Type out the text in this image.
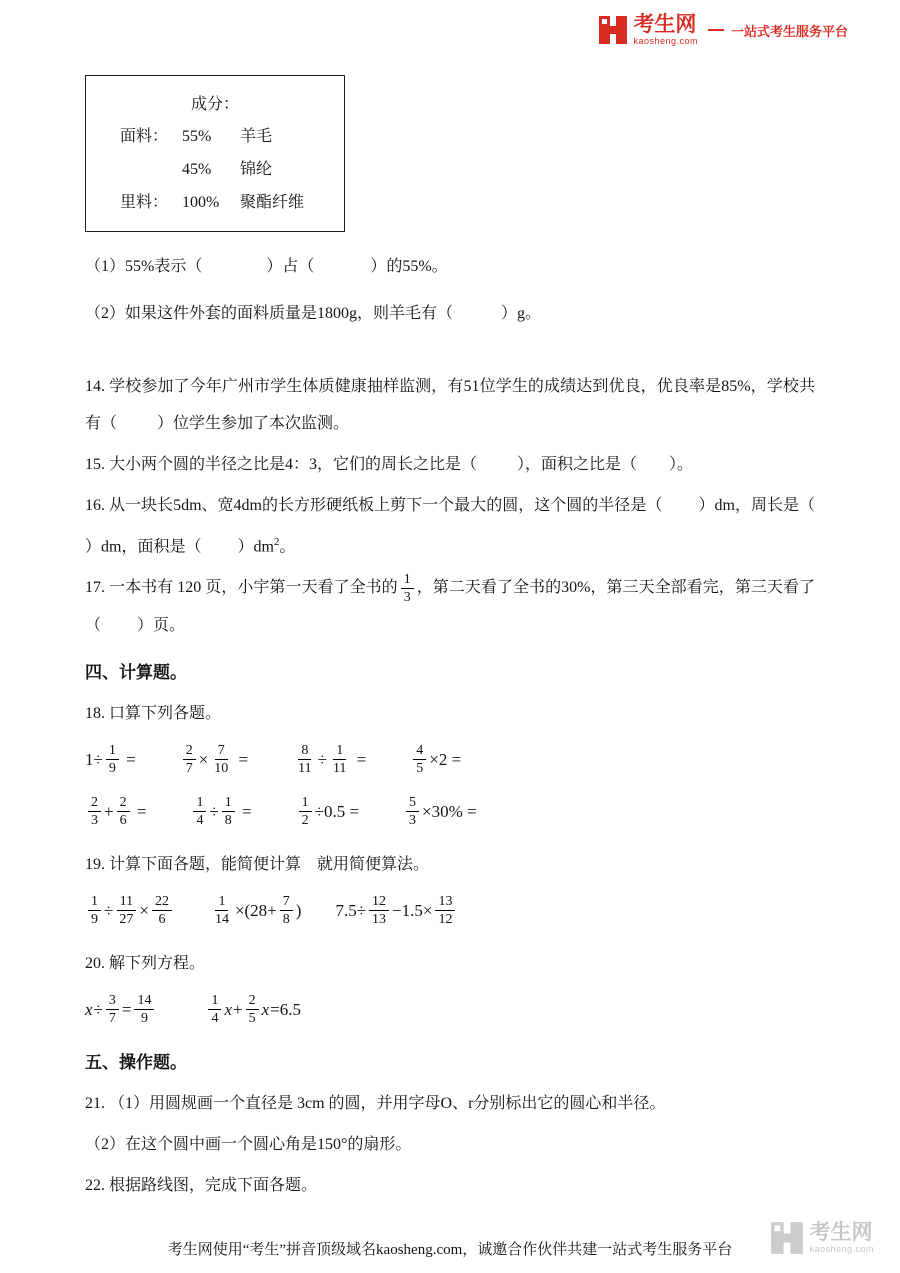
考生网
kaosheng.com
一站式考生服务平台
成分：
面料： 55%	羊毛
45%	锦纶
里料： 100%	聚酯纤维

（1）55%表示（                ）占（              ）的55%。

（2）如果这件外套的面料质量是1800g，则羊毛有（            ）g。

14. 学校参加了今年广州市学生体质健康抽样监测，有51位学生的成绩达到优良，优良率是85%，学校共有（          ）位学生参加了本次监测。

15. 大小两个圆的半径之比是4：3，它们的周长之比是（          ），面积之比是（        ）。

16. 从一块长5dm、宽4dm的长方形硬纸板上剪下一个最大的圆，这个圆的半径是（         ）dm，周长是（         ）dm，面积是（         ）$dm^2$。

17. 一本书有 120 页，小宇第一天看了全书的 $\frac{1}{3}$ ，第二天看了全书的30%，第三天全部看完，第三天看了（         ）页。

四、计算题。

18. 口算下列各题。

$1\div \frac{1}{9}$ =	$\frac{2}{7} \times \frac{7}{10}$ =	$\frac{8}{11} \div \frac{1}{11}$ =	$\frac{4}{5} \times 2$ =
$\frac{2}{3} + \frac{2}{6}$ =	$\frac{1}{4} \div \frac{1}{8}$ =	$\frac{1}{2} \div 0.5$ =	$\frac{5}{3} \times 30\%$ =

19. 计算下面各题，能简便计算　就用简便算法。

$\frac{1}{9} \div \frac{11}{27} \times \frac{22}{6}$	$\frac{1}{14} \times(28+ \frac{7}{8}$ ) $7.5\div \frac{12}{13} -1.5\times \frac{13}{12}$

20. 解下列方程。

$x \div \frac{3}{7} = \frac{14}{9}$	$\frac{1}{4}$ $x + \frac{2}{5}$ x =6.5

五、操作题。

21. （1）用圆规画一个直径是 3cm 的圆，并用字母O、r分别标出它的圆心和半径。

（2）在这个圆中画一个圆心角是150°的扇形。

22. 根据路线图，完成下面各题。

考生网使用“考生”拼音顶级域名kaosheng.com，诚邀合作伙伴共建一站式考生服务平台
考生网
kaosheng.com
